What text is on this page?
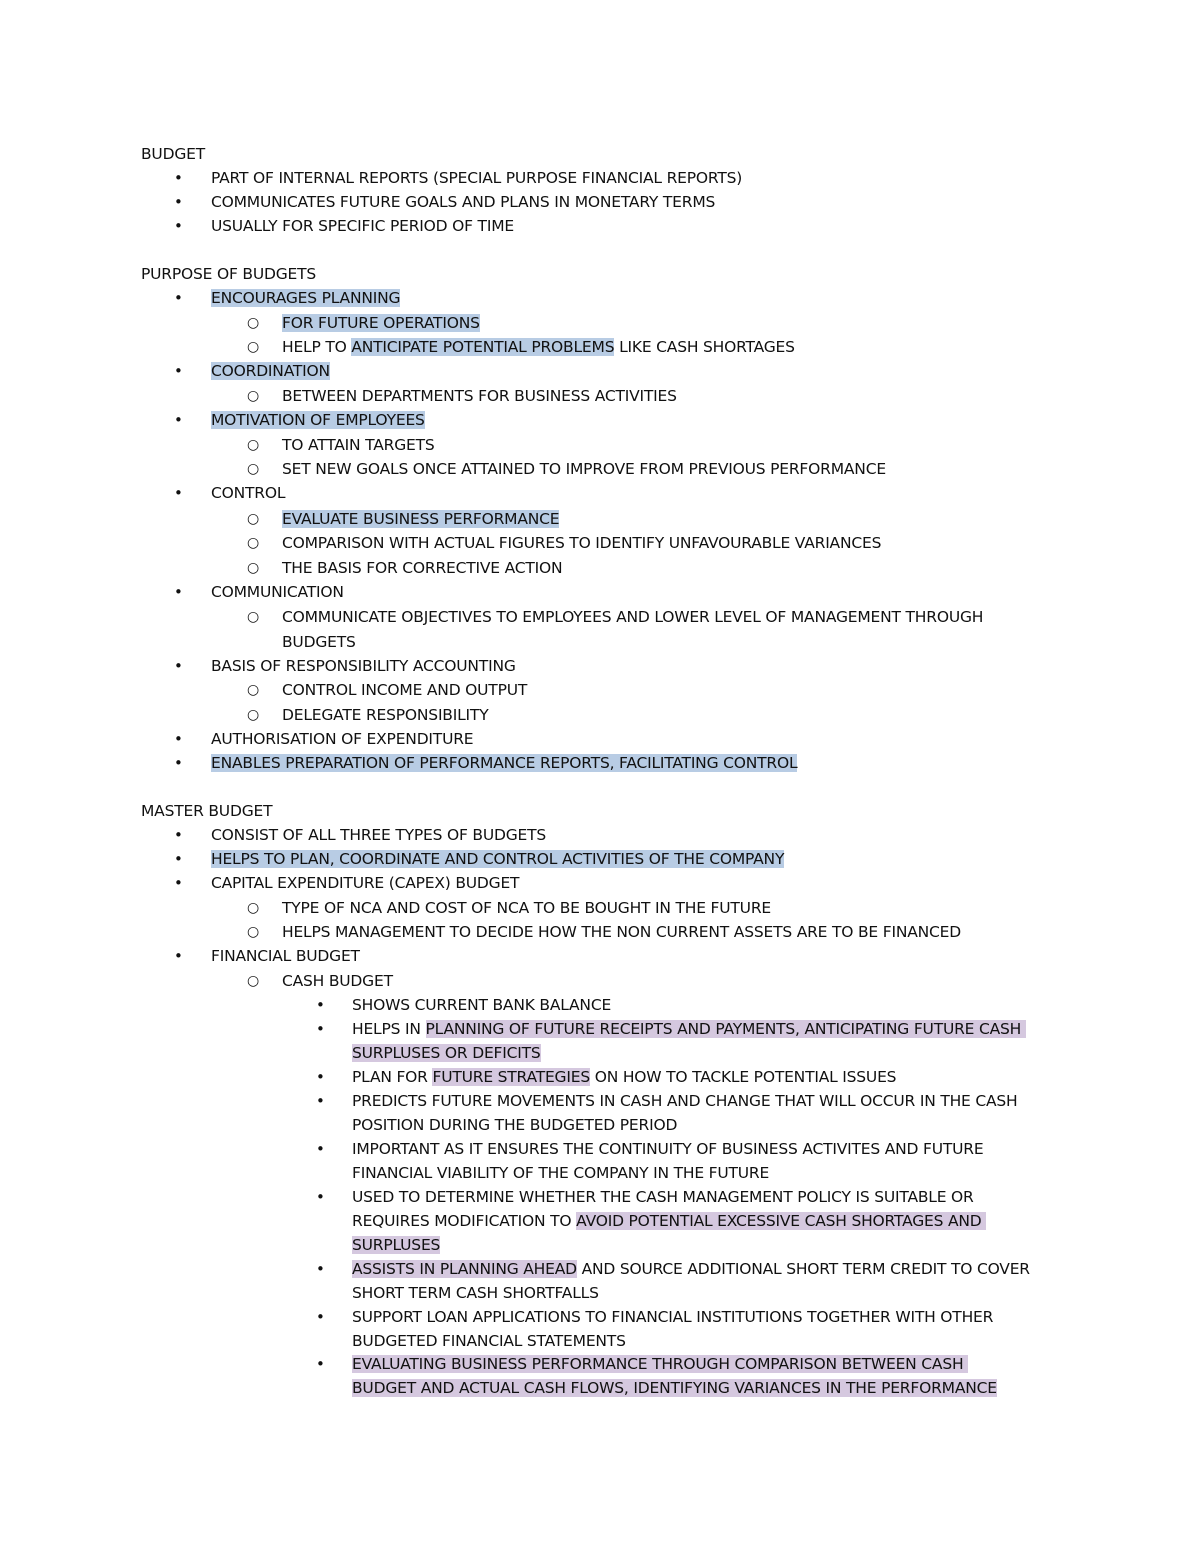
BUDGET
• PART OF INTERNAL REPORTS (SPECIAL PURPOSE FINANCIAL REPORTS)
• COMMUNICATES FUTURE GOALS AND PLANS IN MONETARY TERMS
• USUALLY FOR SPECIFIC PERIOD OF TIME
PURPOSE OF BUDGETS
• ENCOURAGES PLANNING
○ FOR FUTURE OPERATIONS
○ HELP TO ANTICIPATE POTENTIAL PROBLEMS LIKE CASH SHORTAGES
• COORDINATION
○ BETWEEN DEPARTMENTS FOR BUSINESS ACTIVITIES
• MOTIVATION OF EMPLOYEES
○ TO ATTAIN TARGETS
○ SET NEW GOALS ONCE ATTAINED TO IMPROVE FROM PREVIOUS PERFORMANCE
• CONTROL
○ EVALUATE BUSINESS PERFORMANCE
○ COMPARISON WITH ACTUAL FIGURES TO IDENTIFY UNFAVOURABLE VARIANCES
○ THE BASIS FOR CORRECTIVE ACTION
• COMMUNICATION
○ COMMUNICATE OBJECTIVES TO EMPLOYEES AND LOWER LEVEL OF MANAGEMENT THROUGH
BUDGETS
• BASIS OF RESPONSIBILITY ACCOUNTING
○ CONTROL INCOME AND OUTPUT
○ DELEGATE RESPONSIBILITY
• AUTHORISATION OF EXPENDITURE
• ENABLES PREPARATION OF PERFORMANCE REPORTS, FACILITATING CONTROL
MASTER BUDGET
• CONSIST OF ALL THREE TYPES OF BUDGETS
• HELPS TO PLAN, COORDINATE AND CONTROL ACTIVITIES OF THE COMPANY
• CAPITAL EXPENDITURE (CAPEX) BUDGET
○ TYPE OF NCA AND COST OF NCA TO BE BOUGHT IN THE FUTURE
○ HELPS MANAGEMENT TO DECIDE HOW THE NON CURRENT ASSETS ARE TO BE FINANCED
• FINANCIAL BUDGET
○ CASH BUDGET
• SHOWS CURRENT BANK BALANCE
• HELPS IN PLANNING OF FUTURE RECEIPTS AND PAYMENTS, ANTICIPATING FUTURE CASH
SURPLUSES OR DEFICITS
• PLAN FOR FUTURE STRATEGIES ON HOW TO TACKLE POTENTIAL ISSUES
• PREDICTS FUTURE MOVEMENTS IN CASH AND CHANGE THAT WILL OCCUR IN THE CASH
POSITION DURING THE BUDGETED PERIOD
• IMPORTANT AS IT ENSURES THE CONTINUITY OF BUSINESS ACTIVITES AND FUTURE
FINANCIAL VIABILITY OF THE COMPANY IN THE FUTURE
• USED TO DETERMINE WHETHER THE CASH MANAGEMENT POLICY IS SUITABLE OR
REQUIRES MODIFICATION TO AVOID POTENTIAL EXCESSIVE CASH SHORTAGES AND
SURPLUSES
• ASSISTS IN PLANNING AHEAD AND SOURCE ADDITIONAL SHORT TERM CREDIT TO COVER
SHORT TERM CASH SHORTFALLS
• SUPPORT LOAN APPLICATIONS TO FINANCIAL INSTITUTIONS TOGETHER WITH OTHER
BUDGETED FINANCIAL STATEMENTS
• EVALUATING BUSINESS PERFORMANCE THROUGH COMPARISON BETWEEN CASH
BUDGET AND ACTUAL CASH FLOWS, IDENTIFYING VARIANCES IN THE PERFORMANCE
